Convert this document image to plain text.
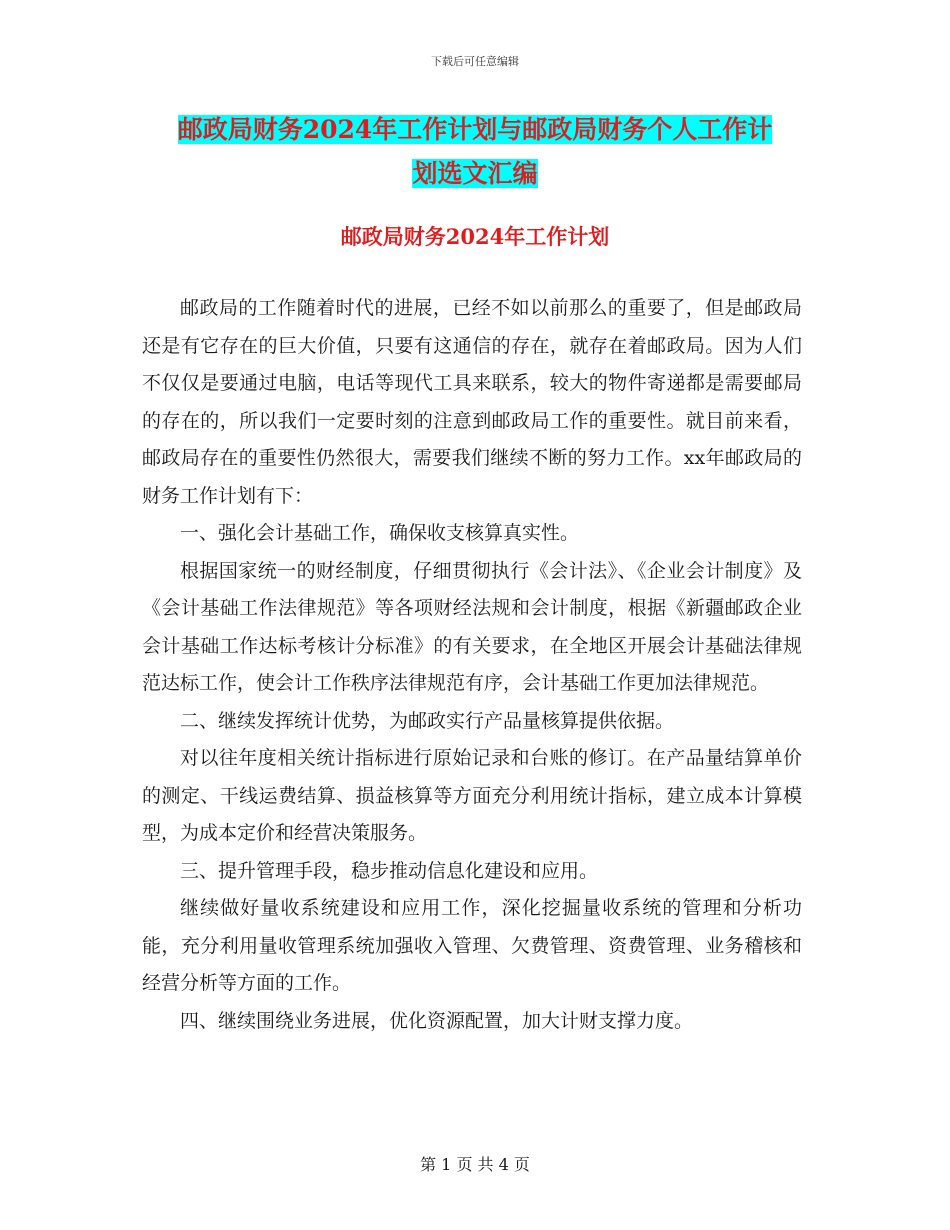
下载后可任意编辑
邮政局财务2024年工作计划与邮政局财务个人工作计
划选文汇编
邮政局财务2024年工作计划

邮政局的工作随着时代的进展，已经不如以前那么的重要了，但是邮政局还是有它存在的巨大价值，只要有这通信的存在，就存在着邮政局。因为人们不仅仅是要通过电脑，电话等现代工具来联系，较大的物件寄递都是需要邮局的存在的，所以我们一定要时刻的注意到邮政局工作的重要性。就目前来看，邮政局存在的重要性仍然很大，需要我们继续不断的努力工作。xx年邮政局的财务工作计划有下：

一、强化会计基础工作，确保收支核算真实性。

根据国家统一的财经制度，仔细贯彻执行《会计法》、《企业会计制度》及《会计基础工作法律规范》等各项财经法规和会计制度，根据《新疆邮政企业会计基础工作达标考核计分标准》的有关要求，在全地区开展会计基础法律规范达标工作，使会计工作秩序法律规范有序，会计基础工作更加法律规范。

二、继续发挥统计优势，为邮政实行产品量核算提供依据。

对以往年度相关统计指标进行原始记录和台账的修订。在产品量结算单价的测定、干线运费结算、损益核算等方面充分利用统计指标，建立成本计算模型，为成本定价和经营决策服务。

三、提升管理手段，稳步推动信息化建设和应用。

继续做好量收系统建设和应用工作，深化挖掘量收系统的管理和分析功能，充分利用量收管理系统加强收入管理、欠费管理、资费管理、业务稽核和经营分析等方面的工作。

四、继续围绕业务进展，优化资源配置，加大计财支撑力度。

第 1 页 共 4 页
